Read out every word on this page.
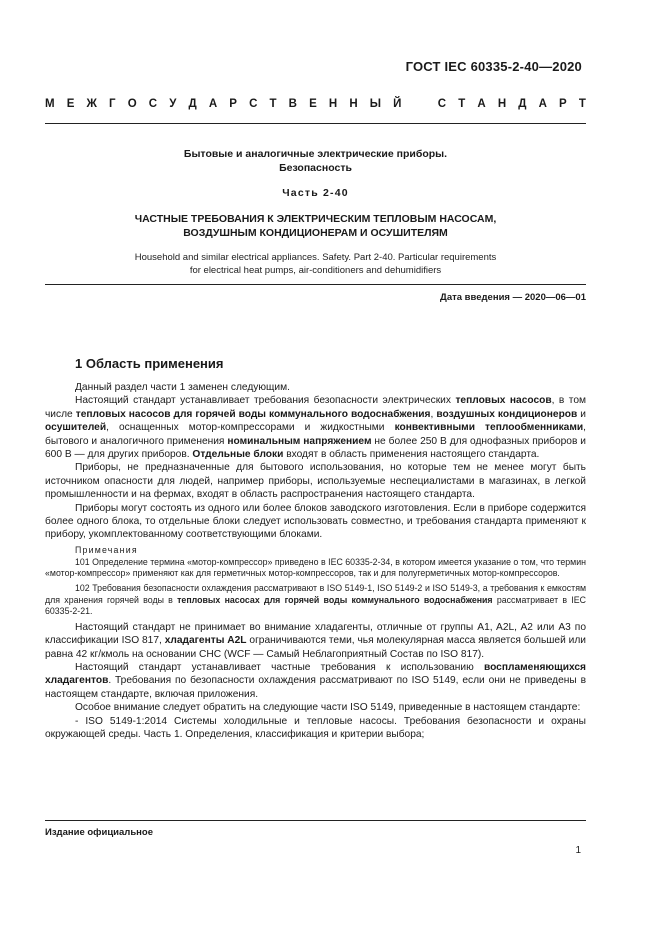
ГОСТ IEC 60335-2-40—2020
М Е Ж Г О С У Д А Р С Т В Е Н Н Ы Й	С Т А Н Д А Р Т
Бытовые и аналогичные электрические приборы.
Безопасность
Часть 2-40
ЧАСТНЫЕ ТРЕБОВАНИЯ К ЭЛЕКТРИЧЕСКИМ ТЕПЛОВЫМ НАСОСАМ,
ВОЗДУШНЫМ КОНДИЦИОНЕРАМ И ОСУШИТЕЛЯМ
Household and similar electrical appliances. Safety. Part 2-40. Particular requirements
for electrical heat pumps, air-conditioners and dehumidifiers
Дата введения — 2020—06—01
1 Область применения

Данный раздел части 1 заменен следующим.

Настоящий стандарт устанавливает требования безопасности электрических тепловых насосов, в том числе тепловых насосов для горячей воды коммунального водоснабжения, воздушных кондиционеров и осушителей, оснащенных мотор-компрессорами и жидкостными конвективными теплообменниками, бытового и аналогичного применения номинальным напряжением не более 250 В для однофазных приборов и 600 В — для других приборов. Отдельные блоки входят в область применения настоящего стандарта.

Приборы, не предназначенные для бытового использования, но которые тем не менее могут быть источником опасности для людей, например приборы, используемые неспециалистами в магазинах, в легкой промышленности и на фермах, входят в область распространения настоящего стандарта.

Приборы могут состоять из одного или более блоков заводского изготовления. Если в приборе содержится более одного блока, то отдельные блоки следует использовать совместно, и требования стандарта применяют к прибору, укомплектованному соответствующими блоками.

Примечания

101 Определение термина «мотор-компрессор» приведено в IEC 60335-2-34, в котором имеется указание о том, что термин «мотор-компрессор» применяют как для герметичных мотор-компрессоров, так и для полугерметичных мотор-компрессоров.

102 Требования безопасности охлаждения рассматривают в ISO 5149-1, ISO 5149-2 и ISO 5149-3, а требования к емкостям для хранения горячей воды в тепловых насосах для горячей воды коммунального водоснабжения рассматривает в IEC 60335-2-21.

Настоящий стандарт не принимает во внимание хладагенты, отличные от группы A1, A2L, A2 или A3 по классификации ISO 817, хладагенты A2L ограничиваются теми, чья молекулярная масса является большей или равна 42 кг/кмоль на основании CHC (WCF — Самый Неблагоприятный Состав по ISO 817).

Настоящий стандарт устанавливает частные требования к использованию воспламеняющихся хладагентов. Требования по безопасности охлаждения рассматривают по ISO 5149, если они не приведены в настоящем стандарте, включая приложения.

Особое внимание следует обратить на следующие части ISO 5149, приведенные в настоящем стандарте:

- ISO 5149-1:2014 Системы холодильные и тепловые насосы. Требования безопасности и охраны окружающей среды. Часть 1. Определения, классификация и критерии выбора;

Издание официальное
1
